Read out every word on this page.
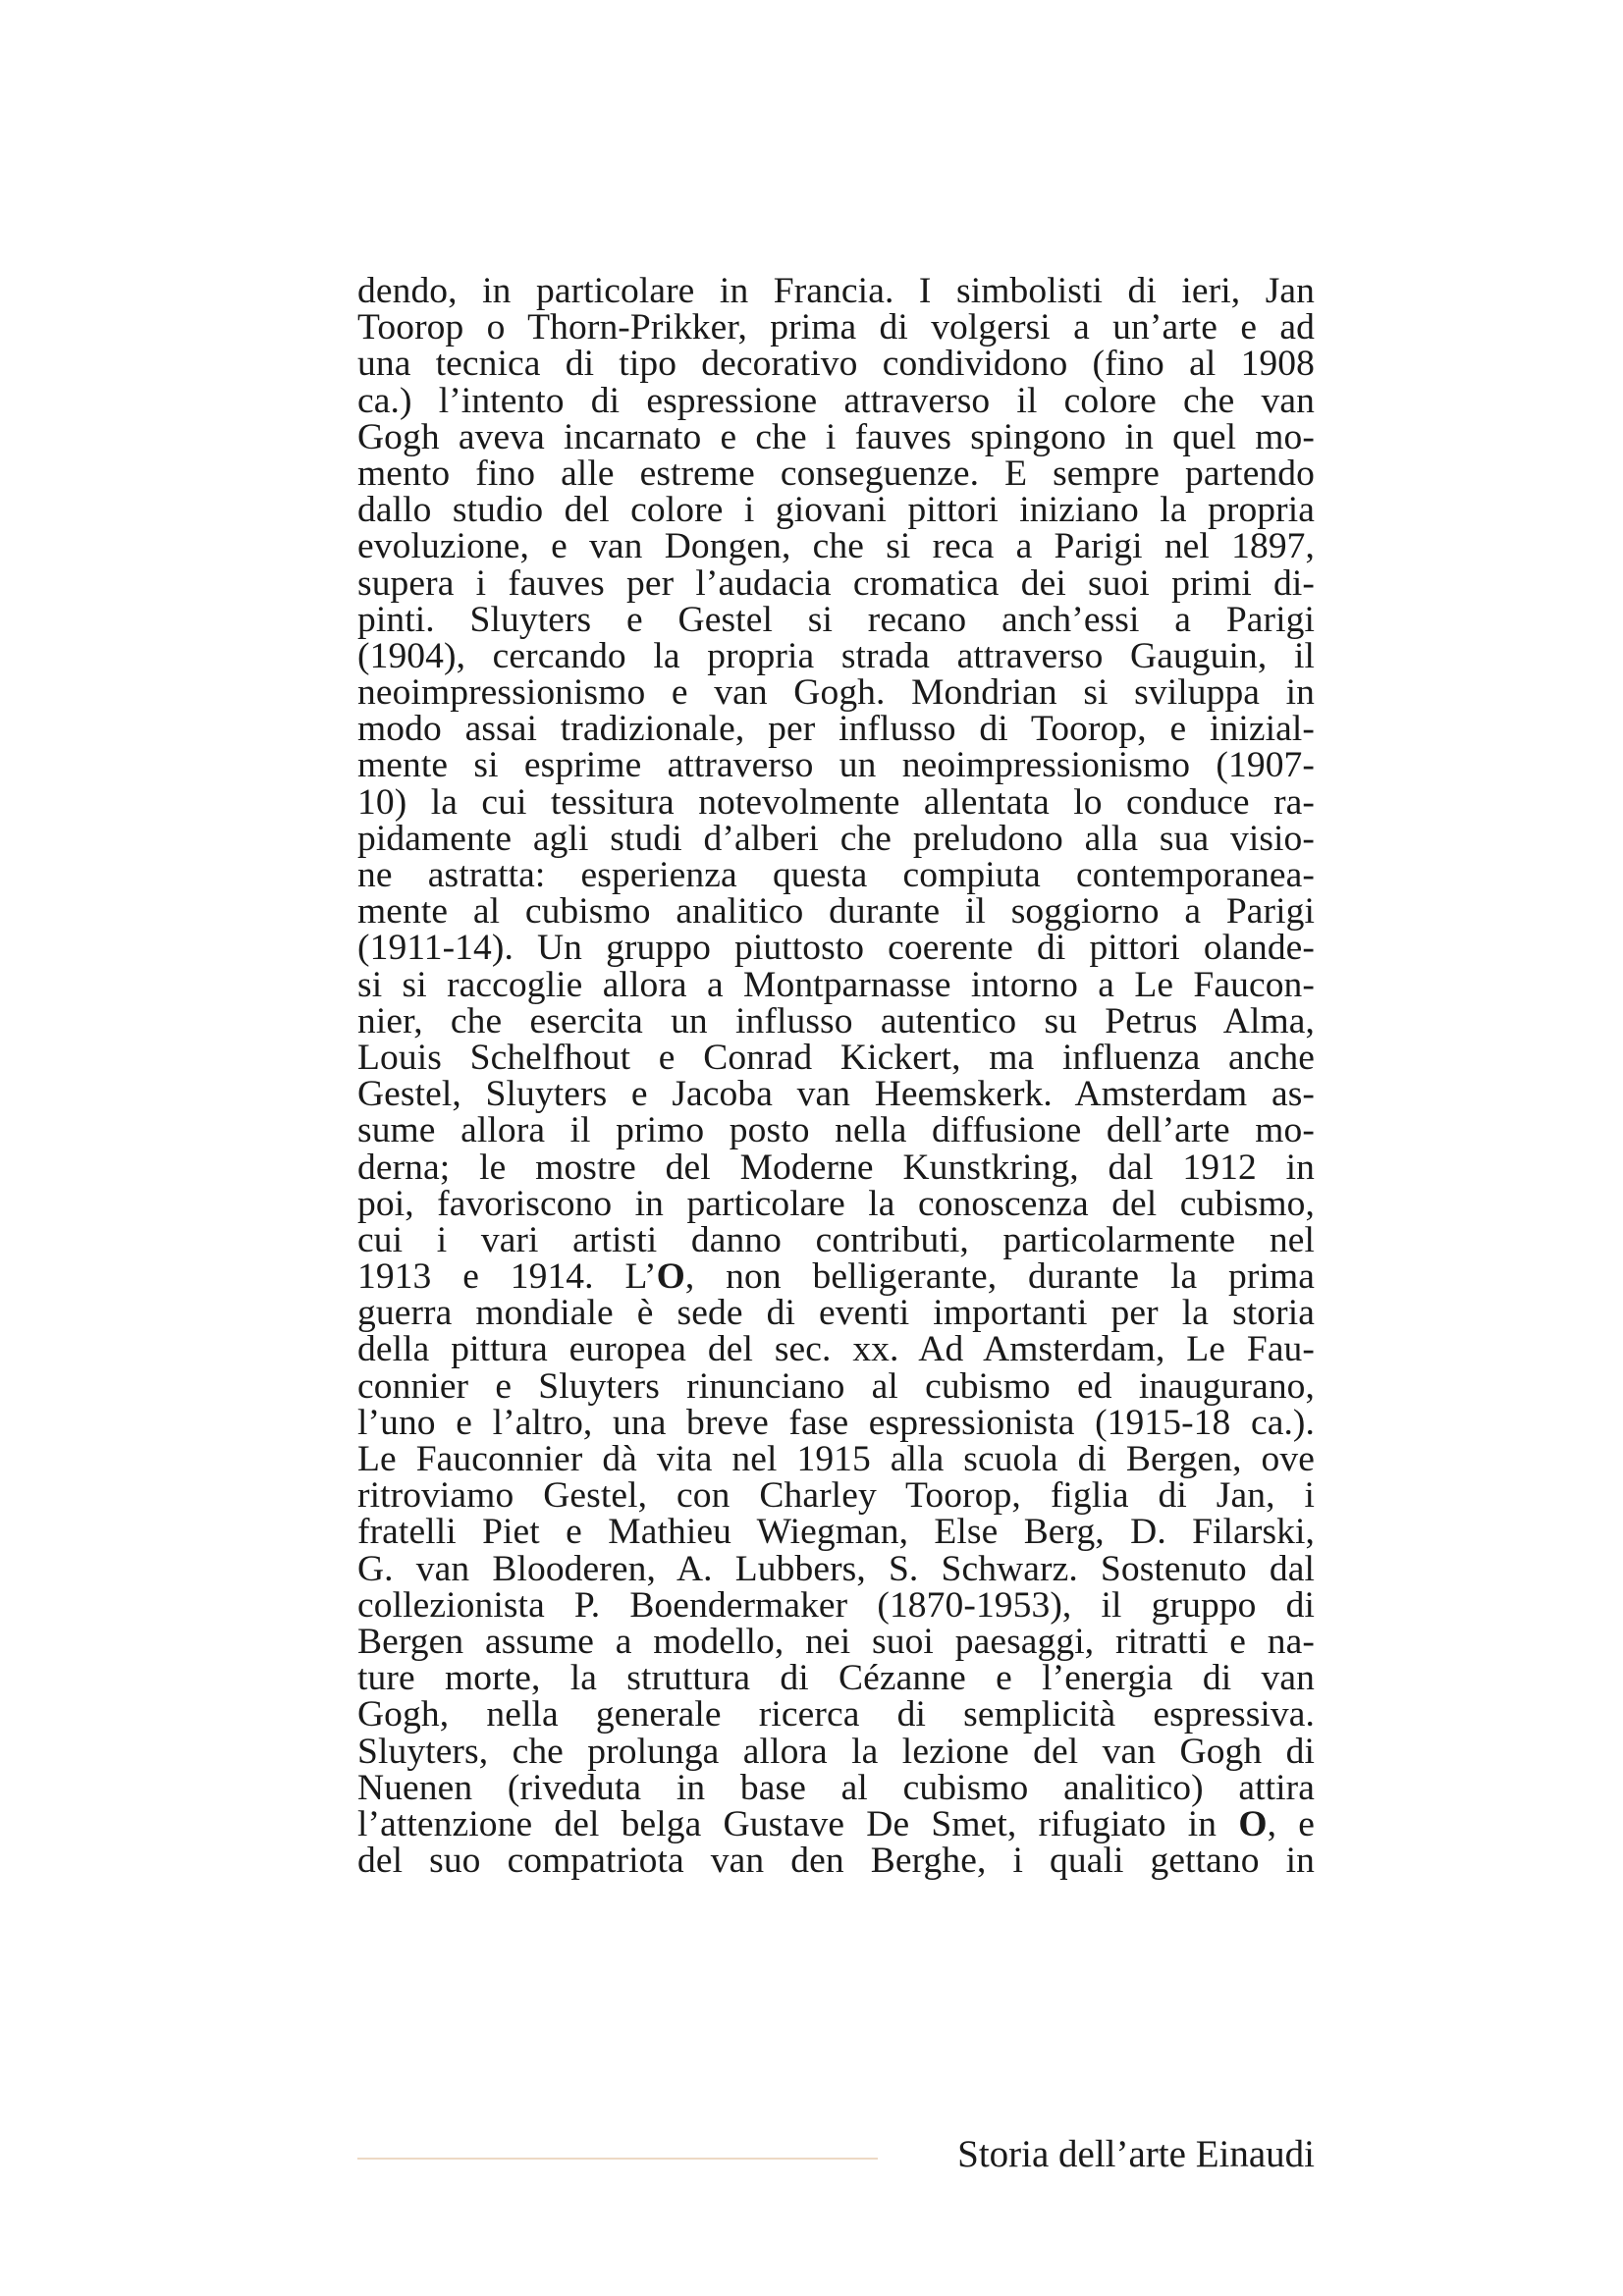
dendo, in particolare in Francia. I simbolisti di ieri, Jan
Toorop o Thorn-Prikker, prima di volgersi a un’arte e ad
una tecnica di tipo decorativo condividono (fino al 1908
ca.) l’intento di espressione attraverso il colore che van
Gogh aveva incarnato e che i fauves spingono in quel mo-
mento fino alle estreme conseguenze. E sempre partendo
dallo studio del colore i giovani pittori iniziano la propria
evoluzione, e van Dongen, che si reca a Parigi nel 1897,
supera i fauves per l’audacia cromatica dei suoi primi di-
pinti. Sluyters e Gestel si recano anch’essi a Parigi
(1904), cercando la propria strada attraverso Gauguin, il
neoimpressionismo e van Gogh. Mondrian si sviluppa in
modo assai tradizionale, per influsso di Toorop, e inizial-
mente si esprime attraverso un neoimpressionismo (1907-
10) la cui tessitura notevolmente allentata lo conduce ra-
pidamente agli studi d’alberi che preludono alla sua visio-
ne astratta: esperienza questa compiuta contemporanea-
mente al cubismo analitico durante il soggiorno a Parigi
(1911-14). Un gruppo piuttosto coerente di pittori olande-
si si raccoglie allora a Montparnasse intorno a Le Faucon-
nier, che esercita un influsso autentico su Petrus Alma,
Louis Schelfhout e Conrad Kickert, ma influenza anche
Gestel, Sluyters e Jacoba van Heemskerk. Amsterdam as-
sume allora il primo posto nella diffusione dell’arte mo-
derna; le mostre del Moderne Kunstkring, dal 1912 in
poi, favoriscono in particolare la conoscenza del cubismo,
cui i vari artisti danno contributi, particolarmente nel
1913 e 1914. L’O, non belligerante, durante la prima
guerra mondiale è sede di eventi importanti per la storia
della pittura europea del sec. xx. Ad Amsterdam, Le Fau-
connier e Sluyters rinunciano al cubismo ed inaugurano,
l’uno e l’altro, una breve fase espressionista (1915-18 ca.).
Le Fauconnier dà vita nel 1915 alla scuola di Bergen, ove
ritroviamo Gestel, con Charley Toorop, figlia di Jan, i
fratelli Piet e Mathieu Wiegman, Else Berg, D. Filarski,
G. van Blooderen, A. Lubbers, S. Schwarz. Sostenuto dal
collezionista P. Boendermaker (1870-1953), il gruppo di
Bergen assume a modello, nei suoi paesaggi, ritratti e na-
ture morte, la struttura di Cézanne e l’energia di van
Gogh, nella generale ricerca di semplicità espressiva.
Sluyters, che prolunga allora la lezione del van Gogh di
Nuenen (riveduta in base al cubismo analitico) attira
l’attenzione del belga Gustave De Smet, rifugiato in O, e
del suo compatriota van den Berghe, i quali gettano in
Storia dell’arte Einaudi
